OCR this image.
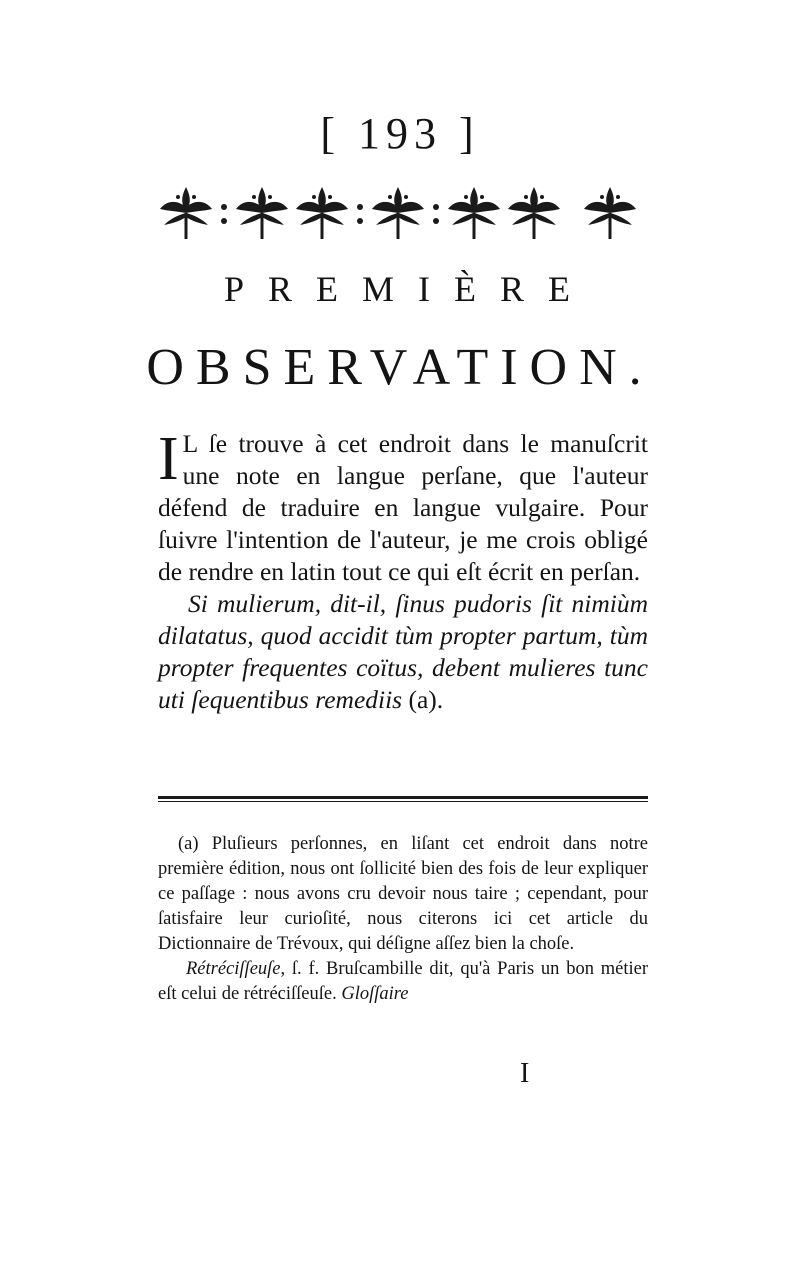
[ 193 ]
PREMIÈRE
OBSERVATION.

I L ſe trouve à cet endroit dans le manuſcrit une note en langue perſane, que l'auteur défend de traduire en langue vulgaire. Pour ſuivre l'intention de l'auteur, je me crois obligé de rendre en latin tout ce qui eſt écrit en perſan.

Si mulierum, dit-il, ſinus pudoris ſit nimiùm dilatatus, quod accidit tùm propter partum, tùm propter frequentes coïtus, debent mulieres tunc uti ſequentibus remediis (a).

(a) Pluſieurs perſonnes, en liſant cet endroit dans notre première édition, nous ont ſollicité bien des fois de leur expliquer ce paſſage : nous avons cru devoir nous taire ; cependant, pour ſatisfaire leur curioſité, nous citerons ici cet article du Dictionnaire de Trévoux, qui déſigne aſſez bien la choſe.

Rétréciſſeuſe, ſ. f. Bruſcambille dit, qu'à Paris un bon métier eſt celui de rétréciſſeuſe. Gloſſaire

I
